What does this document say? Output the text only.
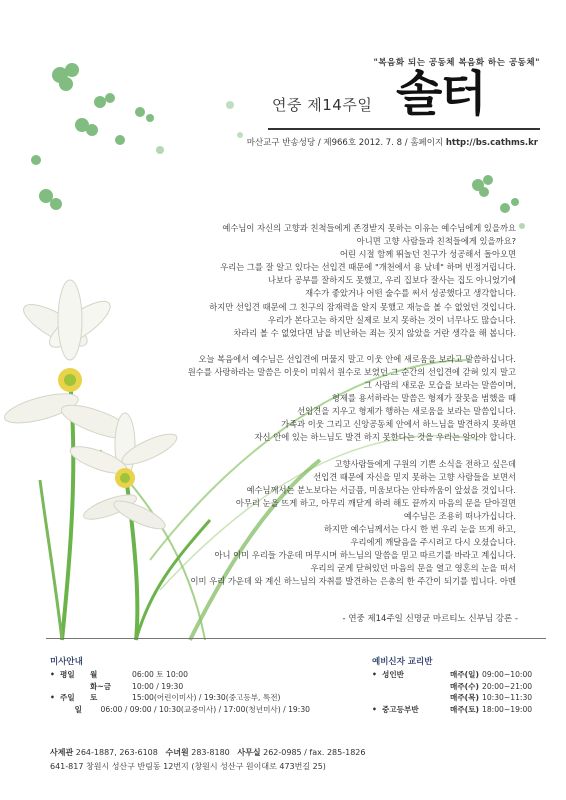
"복음화 되는 공동체 복음화 하는 공동체"
연중 제14주일 솔터
마산교구 반송성당 / 제966호 2012. 7. 8 / 홈페이지 http://bs.cathms.kr
예수님이 자신의 고향과 친척들에게 존경받지 못하는 이유는 예수님에게 있을까요
아니면 고향 사람들과 친척들에게 있을까요?
어린 시절 함께 뛰놀던 친구가 성공해서 돌아오면
우리는 그를 잘 알고 있다는 선입견 때문에 "개천에서 용 났네" 하며 빈정거립니다.
나보다 공부를 잘하지도 못했고, 우리 집보다 잘사는 집도 아니었기에
재수가 좋았거나 어떤 술수를 써서 성공했다고 생각합니다.
하지만 선입견 때문에 그 친구의 잠재력을 알지 못했고 재능을 볼 수 없었던 것입니다.
우리가 본다고는 하지만 실제로 보지 못하는 것이 너무나도 많습니다.
차라리 볼 수 없었다면 남을 비난하는 죄는 짓지 않았을 거란 생각을 해 봅니다.
오늘 복음에서 예수님은 선입견에 머물지 말고 이웃 안에 새로움을 보라고 말씀하십니다.
원수를 사랑하라는 말씀은 이웃이 미워서 원수로 보였던 그 순간의 선입견에 갇혀 있지 말고
그 사람의 새로운 모습을 보라는 말씀이며,
형제를 용서하라는 말씀은 형제가 잘못을 범했을 때
선입견을 지우고 형제가 행하는 새로움을 보라는 말씀입니다.
가족과 이웃 그리고 신앙공동체 안에서 하느님을 발견하지 못하면
자신 안에 있는 하느님도 발견 하지 못한다는 것을 우리는 알아야 합니다.
고향사람들에게 구원의 기쁜 소식을 전하고 싶은데
선입견 때문에 자신을 믿지 못하는 고향 사람들을 보면서
예수님께서는 분노보다는 서글픔, 미움보다는 안타까움이 앞섰을 것입니다.
아무리 눈을 뜨게 하고, 아무리 깨닫게 하려 해도 끝까지 마음의 문을 닫아걸면
예수님은 조용히 떠나가십니다.
하지만 예수님께서는 다시 한 번 우리 눈을 뜨게 하고,
우리에게 깨달음을 주시려고 다시 오셨습니다.
아니 이미 우리들 가운데 머무시며 하느님의 말씀을 믿고 따르기를 바라고 계십니다.
우리의 굳게 닫혀있던 마음의 문을 열고 영혼의 눈을 떠서
이미 우리 가운데 와 계신 하느님의 자취를 발견하는 은총의 한 주간이 되기를 빕니다. 아멘
- 연중 제14주일 신명균 마르티노 신부님 강론 -
미사안내
• 평일	월	06:00 토 10:00
화~금	10:00 / 19:30
• 주일	토	15:00(어린이미사) / 19:30(중고등부, 특전)
일	06:00 / 09:00 / 10:30(교중미사) / 17:00(청년미사) / 19:30
예비신자 교리반
• 성인반	매주(일) 09:00~10:00
매주(수) 20:00~21:00
매주(목) 10:30~11:30
• 중고등부반	매주(토) 18:00~19:00
사제관 264-1887, 263-6108 수녀원 283-8180 사무실 262-0985 / fax. 285-1826
641-817 창원시 성산구 반림동 12번지 (창원시 성산구 원이대로 473번길 25)
